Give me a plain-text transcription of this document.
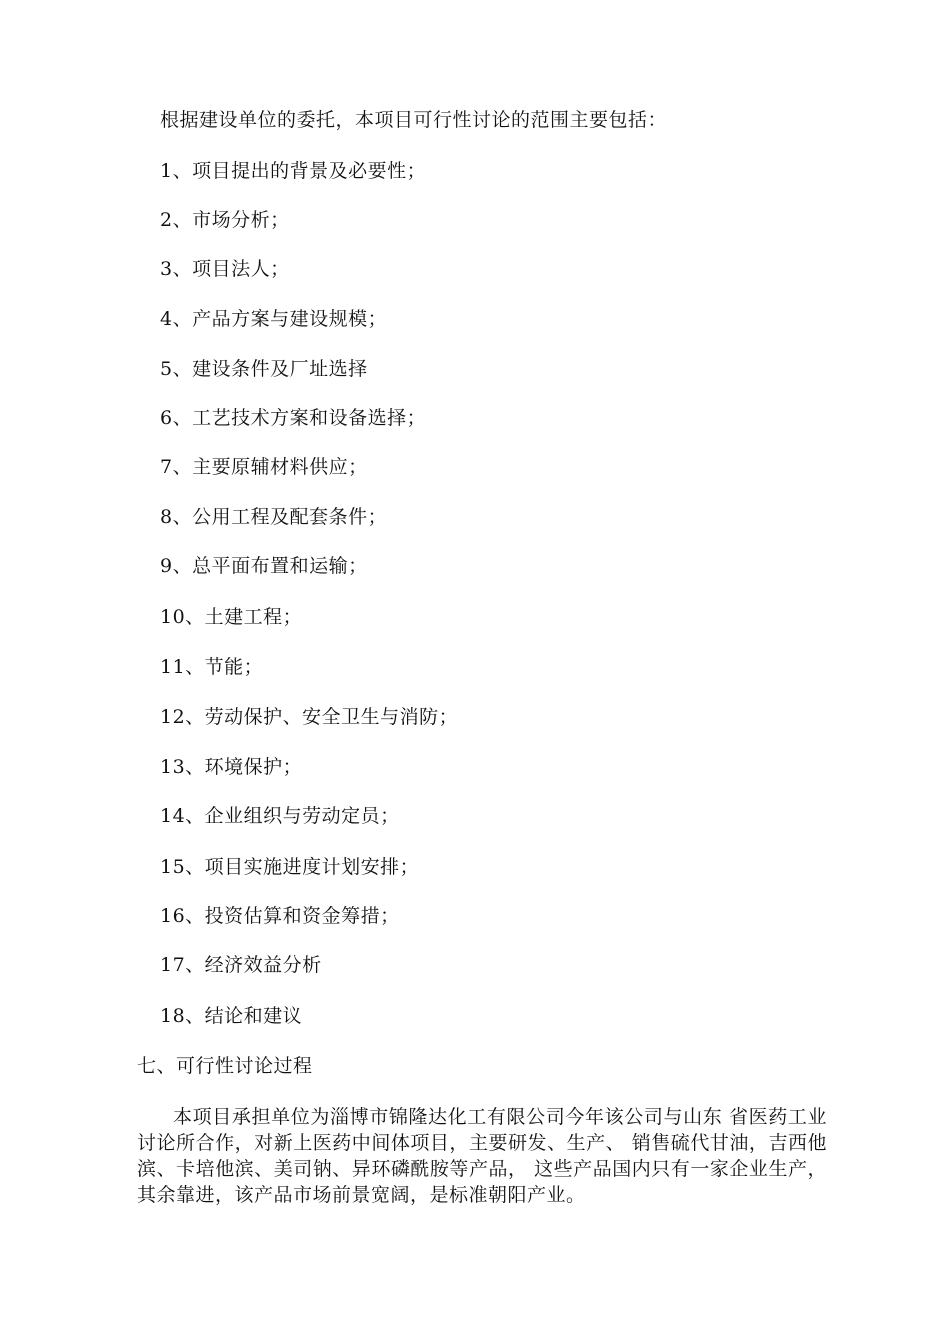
根据建设单位的委托，本项目可行性讨论的范围主要包括：
1、项目提出的背景及必要性；
2、市场分析；
3、项目法人；
4、产品方案与建设规模；
5、建设条件及厂址选择
6、工艺技术方案和设备选择；
7、主要原辅材料供应；
8、公用工程及配套条件；
9、总平面布置和运输；
10、土建工程；
11、节能；
12、劳动保护、安全卫生与消防；
13、环境保护；
14、企业组织与劳动定员；
15、项目实施进度计划安排；
16、投资估算和资金筹措；
17、经济效益分析
18、结论和建议
七、可行性讨论过程
本项目承担单位为淄博市锦隆达化工有限公司今年该公司与山东 省医药工业讨论所合作，对新上医药中间体项目，主要研发、生产、 销售硫代甘油，吉西他滨、卡培他滨、美司钠、异环磷酰胺等产品， 这些产品国内只有一家企业生产，其余靠进，该产品市场前景宽阔，是标准朝阳产业。
